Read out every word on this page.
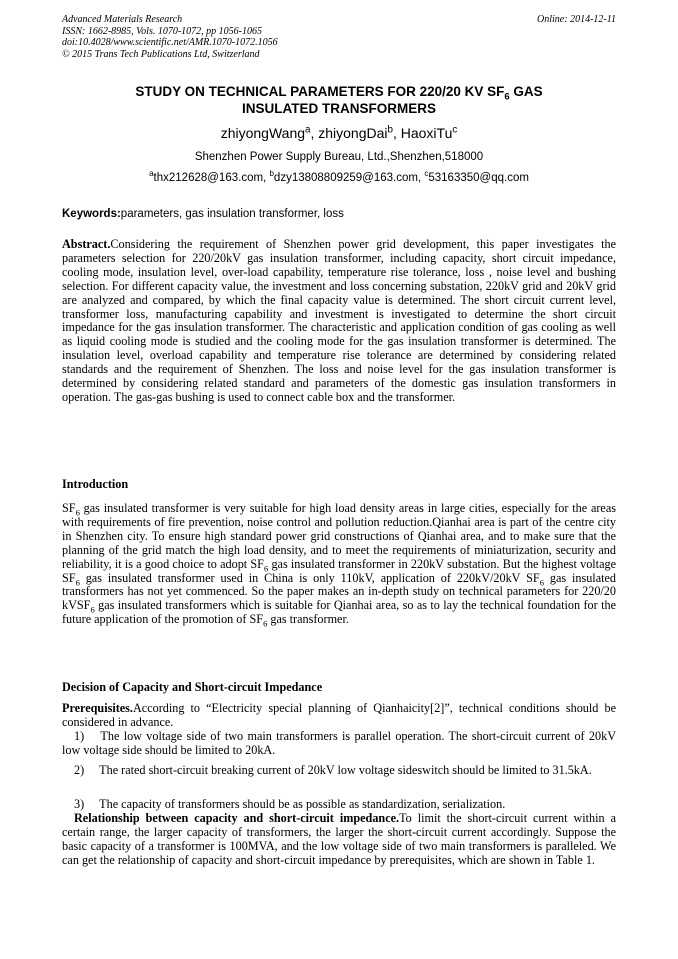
Advanced Materials Research
ISSN: 1662-8985, Vols. 1070-1072, pp 1056-1065
doi:10.4028/www.scientific.net/AMR.1070-1072.1056
© 2015 Trans Tech Publications Ltd, Switzerland
Online: 2014-12-11
STUDY ON TECHNICAL PARAMETERS FOR 220/20 KV $SF_6$ GAS
INSULATED TRANSFORMERS
zhiyongWang$^a$, zhiyongDai$^b$, HaoxiTu$^c$
Shenzhen Power Supply Bureau, Ltd.,Shenzhen,518000
$^a$thx212628@163.com, $^b$dzy13808809259@163.com, $^c$53163350@qq.com
Keywords:parameters, gas insulation transformer, loss
Abstract.Considering the requirement of Shenzhen power grid development, this paper investigates the parameters selection for 220/20kV gas insulation transformer, including capacity, short circuit impedance, cooling mode, insulation level, over-load capability, temperature rise tolerance, loss , noise level and bushing selection. For different capacity value, the investment and loss concerning substation, 220kV grid and 20kV grid are analyzed and compared, by which the final capacity value is determined. The short circuit current level, transformer loss, manufacturing capability and investment is investigated to determine the short circuit impedance for the gas insulation transformer. The characteristic and application condition of gas cooling as well as liquid cooling mode is studied and the cooling mode for the gas insulation transformer is determined. The insulation level, overload capability and temperature rise tolerance are determined by considering related standards and the requirement of Shenzhen. The loss and noise level for the gas insulation transformer is determined by considering related standard and parameters of the domestic gas insulation transformers in operation. The gas-gas bushing is used to connect cable box and the transformer.
Introduction
$SF_6$ gas insulated transformer is very suitable for high load density areas in large cities, especially for the areas with requirements of fire prevention, noise control and pollution reduction.Qianhai area is part of the centre city in Shenzhen city. To ensure high standard power grid constructions of Qianhai area, and to make sure that the planning of the grid match the high load density, and to meet the requirements of miniaturization, security and reliability, it is a good choice to adopt $SF_6$ gas insulated transformer in 220kV substation. But the highest voltage $SF_6$ gas insulated transformer used in China is only 110kV, application of 220kV/20kV $SF_6$ gas insulated transformers has not yet commenced. So the paper makes an in-depth study on technical parameters for 220/20 kVSF$_6$ gas insulated transformers which is suitable for Qianhai area, so as to lay the technical foundation for the future application of the promotion of $SF_6$ gas transformer.
Decision of Capacity and Short-circuit Impedance
Prerequisites.According to “Electricity special planning of Qianhaicity[2]”, technical conditions should be considered in advance.
1)  The low voltage side of two main transformers is parallel operation. The short-circuit current of 20kV low voltage side should be limited to 20kA.
2)  The rated short-circuit breaking current of 20kV low voltage sideswitch should be limited to 31.5kA.
3)  The capacity of transformers should be as possible as standardization, serialization.
Relationship between capacity and short-circuit impedance.To limit the short-circuit current within a certain range, the larger capacity of transformers, the larger the short-circuit current accordingly. Suppose the basic capacity of a transformer is 100MVA, and the low voltage side of two main transformers is paralleled. We can get the relationship of capacity and short-circuit impedance by prerequisites, which are shown in Table 1.
